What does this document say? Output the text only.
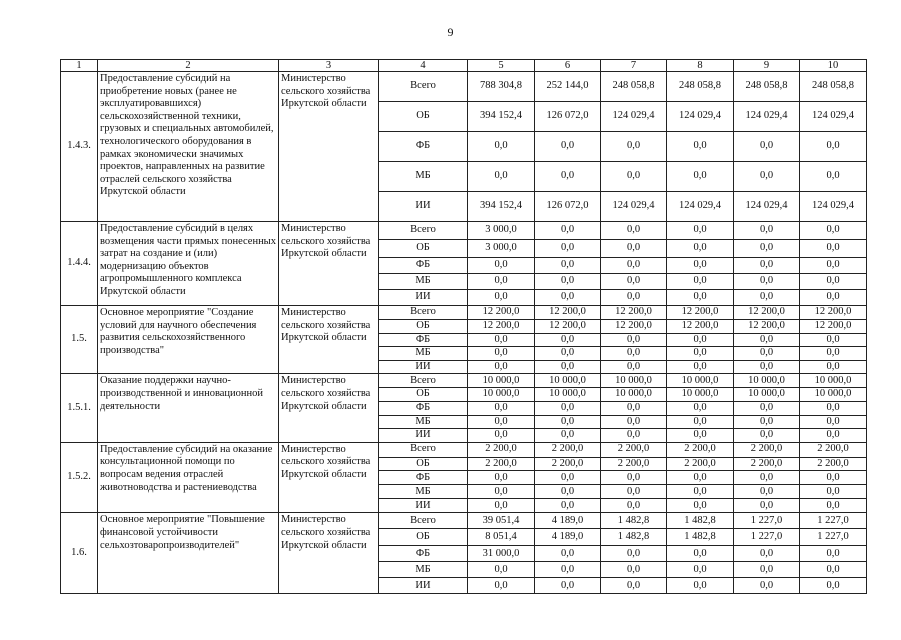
9
1	2	3	4	5	6	7	8	9	10
1.4.3.	Предоставление субсидий на приобретение новых (ранее не эксплуатировавшихся) сельскохозяйственной техники, грузовых и специальных автомобилей, технологического оборудования в рамках экономически значимых проектов, направленных на развитие отраслей сельского хозяйства Иркутской области	Министерство сельского хозяйства Иркутской области	Всего	788 304,8	252 144,0	248 058,8	248 058,8	248 058,8	248 058,8
			ОБ	394 152,4	126 072,0	124 029,4	124 029,4	124 029,4	124 029,4
			ФБ	0,0	0,0	0,0	0,0	0,0	0,0
			МБ	0,0	0,0	0,0	0,0	0,0	0,0
			ИИ	394 152,4	126 072,0	124 029,4	124 029,4	124 029,4	124 029,4
1.4.4.	Предоставление субсидий в целях возмещения части прямых понесенных затрат на создание и (или) модернизацию объектов агропромышленного комплекса Иркутской области	Министерство сельского хозяйства Иркутской области	Всего	3 000,0	0,0	0,0	0,0	0,0	0,0
			ОБ	3 000,0	0,0	0,0	0,0	0,0	0,0
			ФБ	0,0	0,0	0,0	0,0	0,0	0,0
			МБ	0,0	0,0	0,0	0,0	0,0	0,0
			ИИ	0,0	0,0	0,0	0,0	0,0	0,0
1.5.	Основное мероприятие "Создание условий для научного обеспечения развития сельскохозяйственного производства"	Министерство сельского хозяйства Иркутской области	Всего	12 200,0	12 200,0	12 200,0	12 200,0	12 200,0	12 200,0
			ОБ	12 200,0	12 200,0	12 200,0	12 200,0	12 200,0	12 200,0
			ФБ	0,0	0,0	0,0	0,0	0,0	0,0
			МБ	0,0	0,0	0,0	0,0	0,0	0,0
			ИИ	0,0	0,0	0,0	0,0	0,0	0,0
1.5.1.	Оказание поддержки научно-производственной и инновационной деятельности	Министерство сельского хозяйства Иркутской области	Всего	10 000,0	10 000,0	10 000,0	10 000,0	10 000,0	10 000,0
			ОБ	10 000,0	10 000,0	10 000,0	10 000,0	10 000,0	10 000,0
			ФБ	0,0	0,0	0,0	0,0	0,0	0,0
			МБ	0,0	0,0	0,0	0,0	0,0	0,0
			ИИ	0,0	0,0	0,0	0,0	0,0	0,0
1.5.2.	Предоставление субсидий на оказание консультационной помощи по вопросам ведения отраслей животноводства и растениеводства	Министерство сельского хозяйства Иркутской области	Всего	2 200,0	2 200,0	2 200,0	2 200,0	2 200,0	2 200,0
			ОБ	2 200,0	2 200,0	2 200,0	2 200,0	2 200,0	2 200,0
			ФБ	0,0	0,0	0,0	0,0	0,0	0,0
			МБ	0,0	0,0	0,0	0,0	0,0	0,0
			ИИ	0,0	0,0	0,0	0,0	0,0	0,0
1.6.	Основное мероприятие "Повышение финансовой устойчивости сельхозтоваропроизводителей"	Министерство сельского хозяйства Иркутской области	Всего	39 051,4	4 189,0	1 482,8	1 482,8	1 227,0	1 227,0
			ОБ	8 051,4	4 189,0	1 482,8	1 482,8	1 227,0	1 227,0
			ФБ	31 000,0	0,0	0,0	0,0	0,0	0,0
			МБ	0,0	0,0	0,0	0,0	0,0	0,0
			ИИ	0,0	0,0	0,0	0,0	0,0	0,0
